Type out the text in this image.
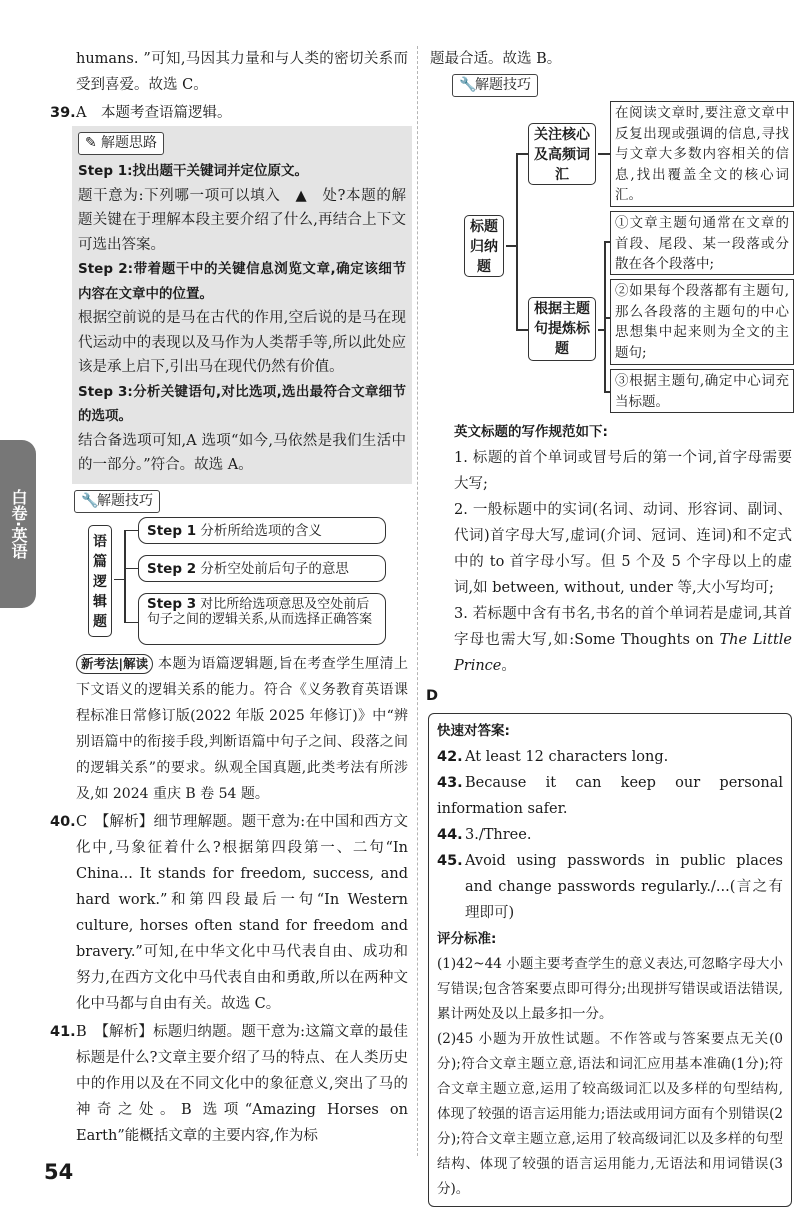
白卷·英语

humans. ”可知,马因其力量和与人类的密切关系而受到喜爱。故选 C。

39.A　本题考查语篇逻辑。

✎ 解题思路

Step 1:找出题干关键词并定位原文。

题干意为:下列哪一项可以填入　▲　处?本题的解题关键在于理解本段主要介绍了什么,再结合上下文可选出答案。

Step 2:带着题干中的关键信息浏览文章,确定该细节内容在文章中的位置。

根据空前说的是马在古代的作用,空后说的是马在现代运动中的表现以及马作为人类帮手等,所以此处应该是承上启下,引出马在现代仍然有价值。

Step 3:分析关键语句,对比选项,选出最符合文章细节的选项。

结合备选项可知,A 选项“如今,马依然是我们生活中的一部分。”符合。故选 A。

🔧解题技巧
语
篇
逻
辑
题
Step 1 分析所给选项的含义
Step 2 分析空处前后句子的意思
Step 3 对比所给选项意思及空处前后句子之间的逻辑关系,从而选择正确答案

新考法|解读 本题为语篇逻辑题,旨在考查学生厘清上下文语义的逻辑关系的能力。符合《义务教育英语课程标准日常修订版(2022 年版 2025 年修订)》中“辨别语篇中的衔接手段,判断语篇中句子之间、段落之间的逻辑关系”的要求。纵观全国真题,此类考法有所涉及,如 2024 重庆 B 卷 54 题。

40.C　【解析】细节理解题。题干意为:在中国和西方文化中,马象征着什么?根据第四段第一、二句“In China... It stands for freedom, success, and hard work.”和第四段最后一句“In Western culture, horses often stand for freedom and bravery.”可知,在中华文化中马代表自由、成功和努力,在西方文化中马代表自由和勇敢,所以在两种文化中马都与自由有关。故选 C。

41.B　【解析】标题归纳题。题干意为:这篇文章的最佳标题是什么?文章主要介绍了马的特点、在人类历史中的作用以及在不同文化中的象征意义,突出了马的神奇之处。B 选项“Amazing Horses on Earth”能概括文章的主要内容,作为标

题最合适。故选 B。

🔧解题技巧
标题归纳题
关注核心及高频词汇
在阅读文章时,要注意文章中反复出现或强调的信息,寻找与文章大多数内容相关的信息,找出覆盖全文的核心词汇。
根据主题句提炼标题
①文章主题句通常在文章的首段、尾段、某一段落或分散在各个段落中;
②如果每个段落都有主题句,那么各段落的主题句的中心思想集中起来则为全文的主题句;
③根据主题句,确定中心词充当标题。

英文标题的写作规范如下:

1. 标题的首个单词或冒号后的第一个词,首字母需要大写;

2. 一般标题中的实词(名词、动词、形容词、副词、代词)首字母大写,虚词(介词、冠词、连词)和不定式中的 to 首字母小写。但 5 个及 5 个字母以上的虚词,如 between, without, under 等,大小写均可;

3. 若标题中含有书名,书名的首个单词若是虚词,其首字母也需大写,如:Some Thoughts on The Little Prince。

D

快速对答案:

42. At least 12 characters long.

43. Because it can keep our personal information safer.

44. 3./Three.

45. Avoid using passwords in public places and change passwords regularly./...(言之有理即可)

评分标准:

(1)42~44 小题主要考查学生的意义表达,可忽略字母大小写错误;包含答案要点即可得分;出现拼写错误或语法错误,累计两处及以上最多扣一分。

(2)45 小题为开放性试题。不作答或与答案要点无关(0分);符合文章主题立意,语法和词汇应用基本准确(1分);符合文章主题立意,运用了较高级词汇以及多样的句型结构,体现了较强的语言运用能力;语法或用词方面有个别错误(2分);符合文章主题立意,运用了较高级词汇以及多样的句型结构、体现了较强的语言运用能力,无语法和用词错误(3分)。

54
